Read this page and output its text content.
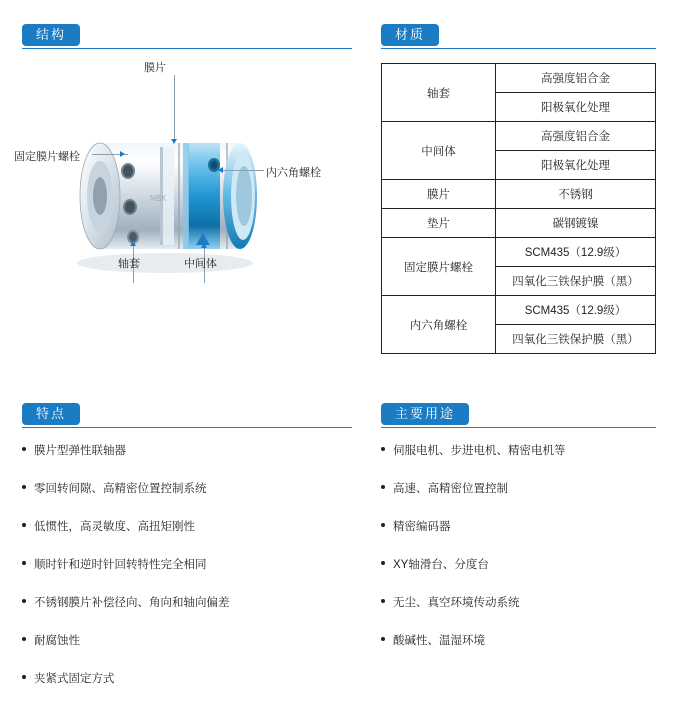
结构
NBK
膜片
固定膜片螺栓
内六角螺栓
轴套	中间体
材质
轴套	高强度铝合金
	阳极氧化处理
中间体	高强度铝合金
	阳极氧化处理
膜片	不锈钢
垫片	碳钢镀镍
固定膜片螺栓	SCM435（12.9级）
	四氧化三铁保护膜（黑）
内六角螺栓	SCM435（12.9级）
	四氧化三铁保护膜（黑）
特点
膜片型弹性联轴器
零回转间隙、高精密位置控制系统
低惯性，高灵敏度、高扭矩刚性
顺时针和逆时针回转特性完全相同
不锈钢膜片补偿径向、角向和轴向偏差
耐腐蚀性
夹紧式固定方式
主要用途
伺服电机、步进电机、精密电机等
高速、高精密位置控制
精密编码器
XY轴滑台、分度台
无尘、真空环境传动系统
酸碱性、温湿环境
